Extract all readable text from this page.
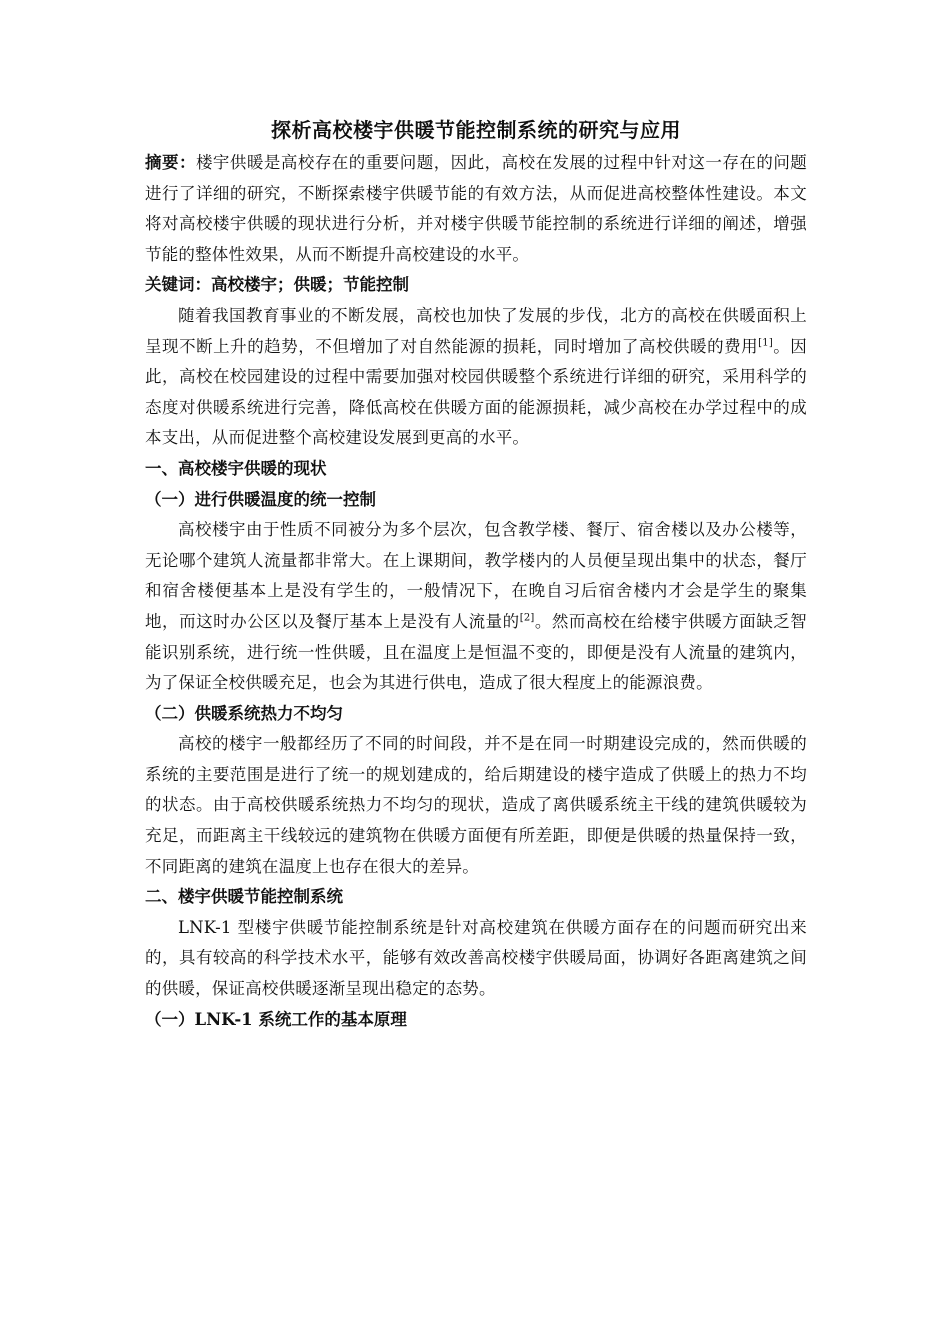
探析高校楼宇供暖节能控制系统的研究与应用

摘要：楼宇供暖是高校存在的重要问题，因此，高校在发展的过程中针对这一存在的问题进行了详细的研究，不断探索楼宇供暖节能的有效方法，从而促进高校整体性建设。本文将对高校楼宇供暖的现状进行分析，并对楼宇供暖节能控制的系统进行详细的阐述，增强节能的整体性效果，从而不断提升高校建设的水平。

关键词：高校楼宇；供暖；节能控制

随着我国教育事业的不断发展，高校也加快了发展的步伐，北方的高校在供暖面积上呈现不断上升的趋势，不但增加了对自然能源的损耗，同时增加了高校供暖的费用[1]。因此，高校在校园建设的过程中需要加强对校园供暖整个系统进行详细的研究，采用科学的态度对供暖系统进行完善，降低高校在供暖方面的能源损耗，减少高校在办学过程中的成本支出，从而促进整个高校建设发展到更高的水平。

一、高校楼宇供暖的现状
（一）进行供暖温度的统一控制

高校楼宇由于性质不同被分为多个层次，包含教学楼、餐厅、宿舍楼以及办公楼等，无论哪个建筑人流量都非常大。在上课期间，教学楼内的人员便呈现出集中的状态，餐厅和宿舍楼便基本上是没有学生的，一般情况下，在晚自习后宿舍楼内才会是学生的聚集地，而这时办公区以及餐厅基本上是没有人流量的[2]。然而高校在给楼宇供暖方面缺乏智能识别系统，进行统一性供暖，且在温度上是恒温不变的，即便是没有人流量的建筑内，为了保证全校供暖充足，也会为其进行供电，造成了很大程度上的能源浪费。

（二）供暖系统热力不均匀

高校的楼宇一般都经历了不同的时间段，并不是在同一时期建设完成的，然而供暖的系统的主要范围是进行了统一的规划建成的，给后期建设的楼宇造成了供暖上的热力不均的状态。由于高校供暖系统热力不均匀的现状，造成了离供暖系统主干线的建筑供暖较为充足，而距离主干线较远的建筑物在供暖方面便有所差距，即便是供暖的热量保持一致，不同距离的建筑在温度上也存在很大的差异。

二、楼宇供暖节能控制系统

LNK-1 型楼宇供暖节能控制系统是针对高校建筑在供暖方面存在的问题而研究出来的，具有较高的科学技术水平，能够有效改善高校楼宇供暖局面，协调好各距离建筑之间的供暖，保证高校供暖逐渐呈现出稳定的态势。

（一）LNK-1 系统工作的基本原理
